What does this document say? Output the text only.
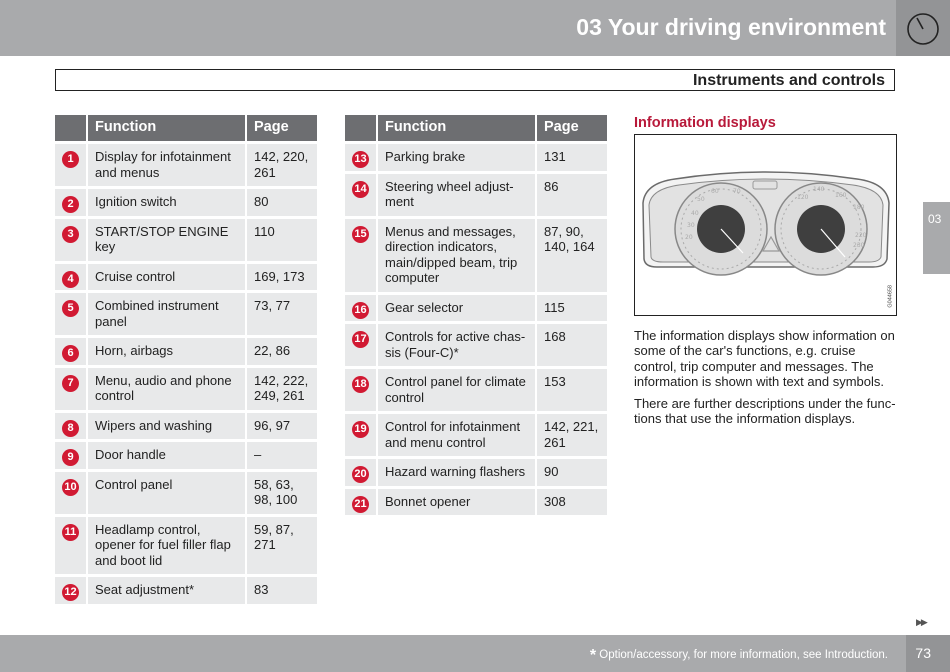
03 Your driving environment
Instruments and controls
	Function	Page
1	Display for infotainment and menus	142, 220, 261
2	Ignition switch	80
3	START/STOP ENGINE key	110
4	Cruise control	169, 173
5	Combined instrument panel	73, 77
6	Horn, airbags	22, 86
7	Menu, audio and phone control	142, 222, 249, 261
8	Wipers and washing	96, 97
9	Door handle	–
10	Control panel	58, 63, 98, 100
11	Headlamp control, opener for fuel filler flap and boot lid	59, 87, 271
12	Seat adjustment*	83
	Function	Page
13	Parking brake	131
14	Steering wheel adjust-ment	86
15	Menus and messages, direction indicators, main/dipped beam, trip computer	87, 90, 140, 164
16	Gear selector	115
17	Controls for active chas-sis (Four-C)*	168
18	Control panel for climate control	153
19	Control for infotainment and menu control	142, 221, 261
20	Hazard warning flashers	90
21	Bonnet opener	308
Information displays
40
30
20
50
60 70
120
140
160
180
220
230
G044658
The information displays show information on some of the car's functions, e.g. cruise control, trip computer and messages. The information is shown with text and symbols.
There are further descriptions under the func-tions that use the information displays.
03
▶▶
* Option/accessory, for more information, see Introduction. 73
